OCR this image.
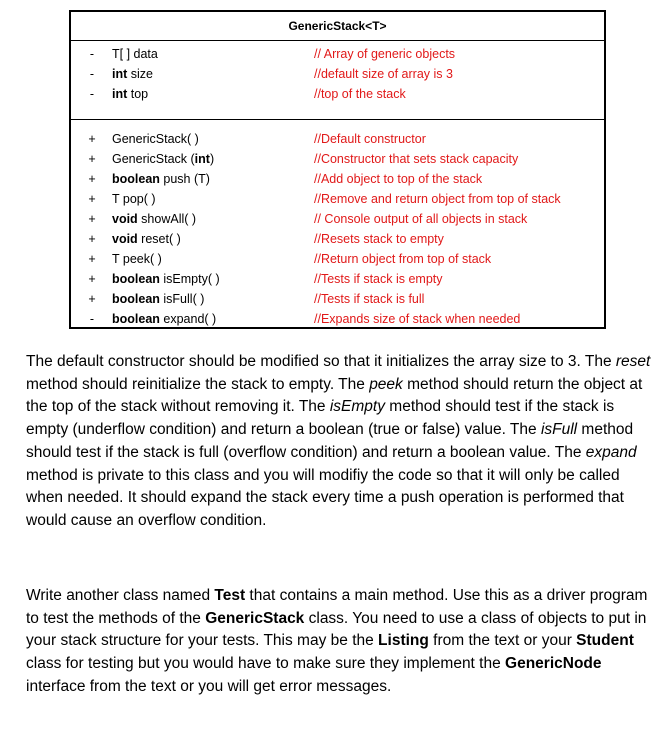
GenericStack<T>
- T[ ] data	// Array of generic objects
- int size	//default size of array is 3
- int top	//top of the stack
+ GenericStack( )	//Default constructor
+ GenericStack (int)	//Constructor that sets stack capacity
+ boolean push (T)	//Add object to top of the stack
+ T pop( )	//Remove and return object from top of stack
+ void showAll( )	// Console output of all objects in stack
+ void reset( )	//Resets stack to empty
+ T peek( )	//Return object from top of stack
+ boolean isEmpty( )	//Tests if stack is empty
+ boolean isFull( )	//Tests if stack is full
- boolean expand( )	//Expands size of stack when needed

The default constructor should be modified so that it initializes the array size to 3. The reset method should reinitialize the stack to empty. The peek method should return the object at the top of the stack without removing it. The isEmpty method should test if the stack is empty (underflow condition) and return a boolean (true or false) value. The isFull method should test if the stack is full (overflow condition) and return a boolean value. The expand method is private to this class and you will modifiy the code so that it will only be called when needed. It should expand the stack every time a push operation is performed that would cause an overflow condition.

Write another class named Test that contains a main method. Use this as a driver program to test the methods of the GenericStack class. You need to use a class of objects to put in your stack structure for your tests. This may be the Listing from the text or your Student class for testing but you would have to make sure they implement the GenericNode interface from the text or you will get error messages.
